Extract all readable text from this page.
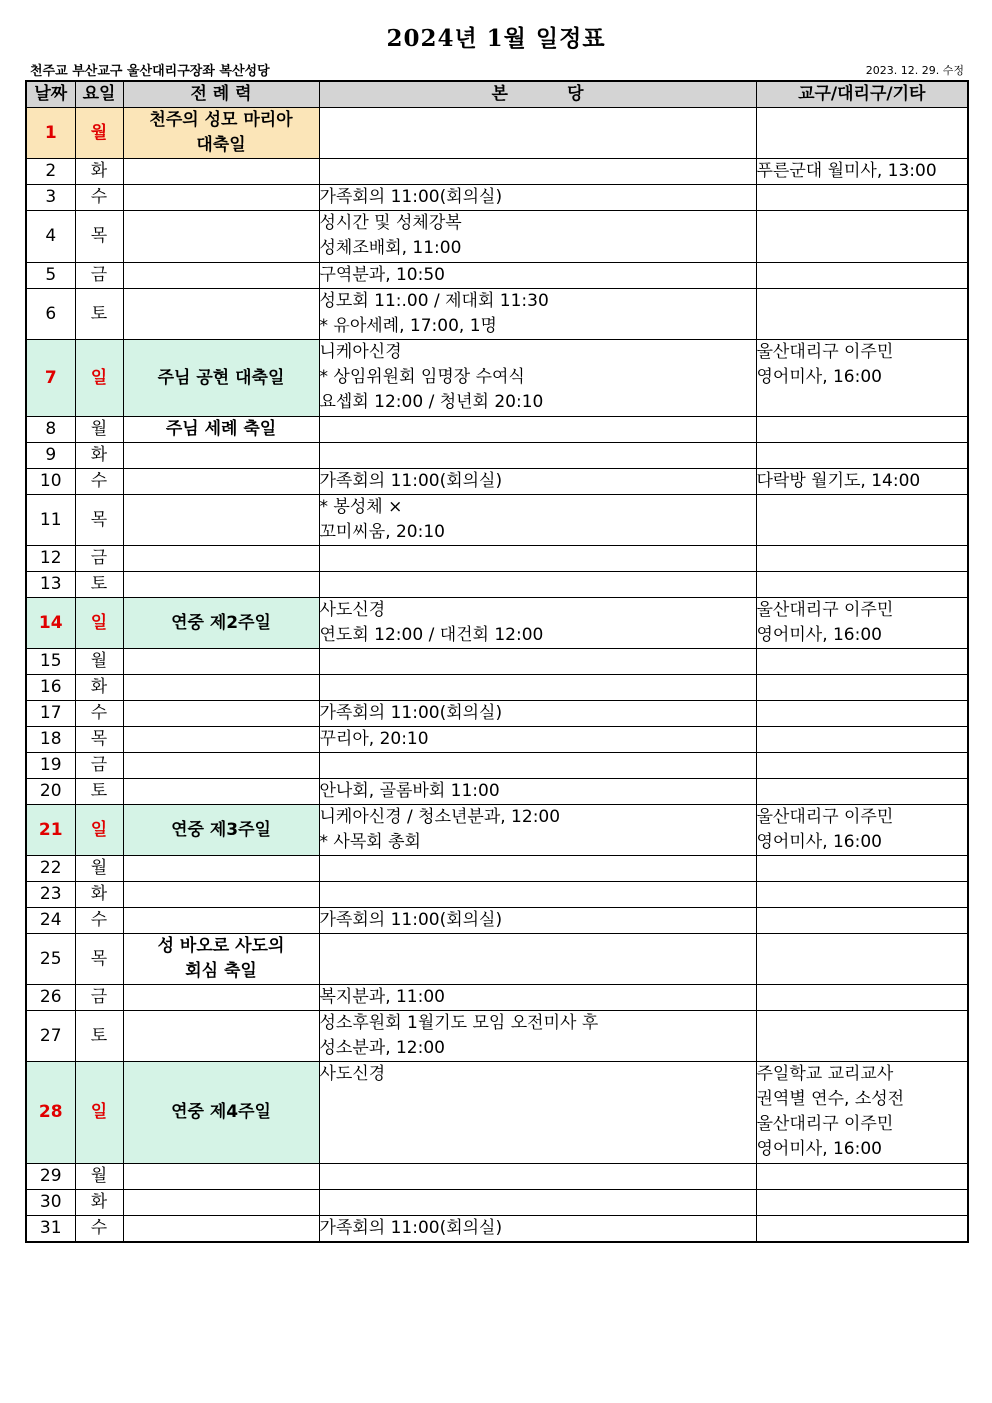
2024년 1월 일정표
천주교 부산교구 울산대리구장좌 복산성당	2023. 12. 29. 수정
날짜	요일	전 례 력	본          당	교구/대리구/기타
1	월	천주의 성모 마리아
대축일		
2	화			푸른군대 월미사, 13:00
3	수		가족회의 11:00(회의실)	
4	목		성시간 및 성체강복
성체조배회, 11:00	
5	금		구역분과, 10:50	
6	토		성모회 11:.00 / 제대회 11:30
* 유아세례, 17:00, 1명	
7	일	주님 공현 대축일	니케아신경
* 상임위원회 임명장 수여식
요셉회 12:00 / 청년회 20:10	울산대리구 이주민
영어미사, 16:00
8	월	주님 세례 축일		
9	화			
10	수		가족회의 11:00(회의실)	다락방 월기도, 14:00
11	목		* 봉성체 ×
꼬미씨움, 20:10	
12	금			
13	토			
14	일	연중 제2주일	사도신경
연도회 12:00 / 대건회 12:00	울산대리구 이주민
영어미사, 16:00
15	월			
16	화			
17	수		가족회의 11:00(회의실)	
18	목		꾸리아, 20:10	
19	금			
20	토		안나회, 골롬바회 11:00	
21	일	연중 제3주일	니케아신경 / 청소년분과, 12:00
* 사목회 총회	울산대리구 이주민
영어미사, 16:00
22	월			
23	화			
24	수		가족회의 11:00(회의실)	
25	목	성 바오로 사도의
회심 축일		
26	금		복지분과, 11:00	
27	토		성소후원회 1월기도 모임 오전미사 후
성소분과, 12:00	
28	일	연중 제4주일	사도신경	주일학교 교리교사
권역별 연수, 소성전
울산대리구 이주민
영어미사, 16:00
29	월			
30	화			
31	수		가족회의 11:00(회의실)	
